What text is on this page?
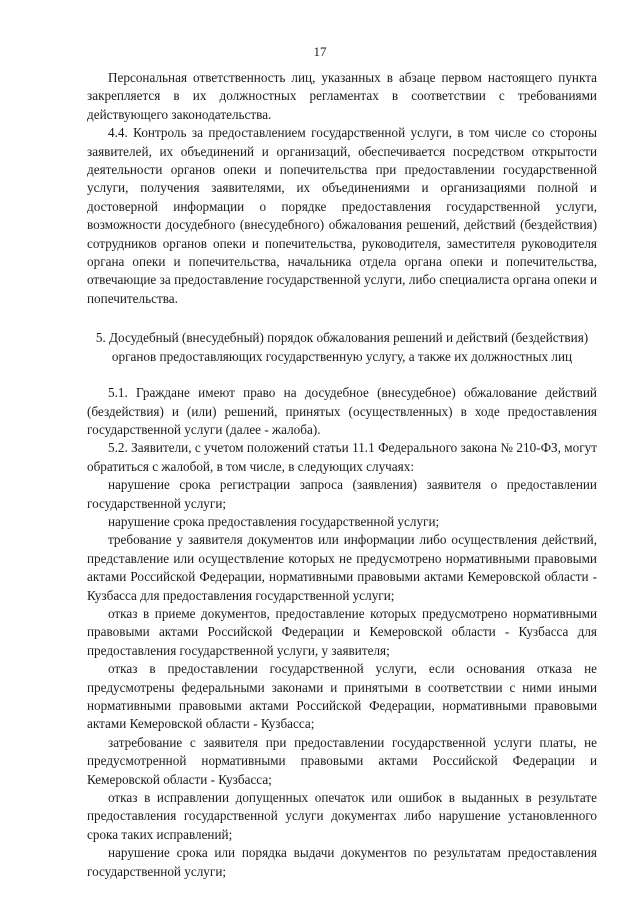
17

Персональная ответственность лиц, указанных в абзаце первом настоящего пункта закрепляется в их должностных регламентах в соответствии с требованиями действующего законодательства.

4.4. Контроль за предоставлением государственной услуги, в том числе со стороны заявителей, их объединений и организаций, обеспечивается посредством открытости деятельности органов опеки и попечительства при предоставлении государственной услуги, получения заявителями, их объединениями и организациями полной и достоверной информации о порядке предоставления государственной услуги, возможности досудебного (внесудебного) обжалования решений, действий (бездействия) сотрудников органов опеки и попечительства, руководителя, заместителя руководителя органа опеки и попечительства, начальника отдела органа опеки и попечительства, отвечающие за предоставление государственной услуги, либо специалиста органа опеки и попечительства.

5. Досудебный (внесудебный) порядок обжалования решений и действий (бездействия) органов предоставляющих государственную услугу, а также их должностных лиц

5.1. Граждане имеют право на досудебное (внесудебное) обжалование действий (бездействия) и (или) решений, принятых (осуществленных) в ходе предоставления государственной услуги (далее - жалоба).

5.2. Заявители, с учетом положений статьи 11.1 Федерального закона № 210-ФЗ, могут обратиться с жалобой, в том числе, в следующих случаях:

нарушение срока регистрации запроса (заявления) заявителя о предоставлении государственной услуги;

нарушение срока предоставления государственной услуги;

требование у заявителя документов или информации либо осуществления действий, представление или осуществление которых не предусмотрено нормативными правовыми актами Российской Федерации, нормативными правовыми актами Кемеровской области - Кузбасса для предоставления государственной услуги;

отказ в приеме документов, предоставление которых предусмотрено нормативными правовыми актами Российской Федерации и Кемеровской области - Кузбасса для предоставления государственной услуги, у заявителя;

отказ в предоставлении государственной услуги, если основания отказа не предусмотрены федеральными законами и принятыми в соответствии с ними иными нормативными правовыми актами Российской Федерации, нормативными правовыми актами Кемеровской области - Кузбасса;

затребование с заявителя при предоставлении государственной услуги платы, не предусмотренной нормативными правовыми актами Российской Федерации и Кемеровской области - Кузбасса;

отказ в исправлении допущенных опечаток или ошибок в выданных в результате предоставления государственной услуги документах либо нарушение установленного срока таких исправлений;

нарушение срока или порядка выдачи документов по результатам предоставления государственной услуги;
